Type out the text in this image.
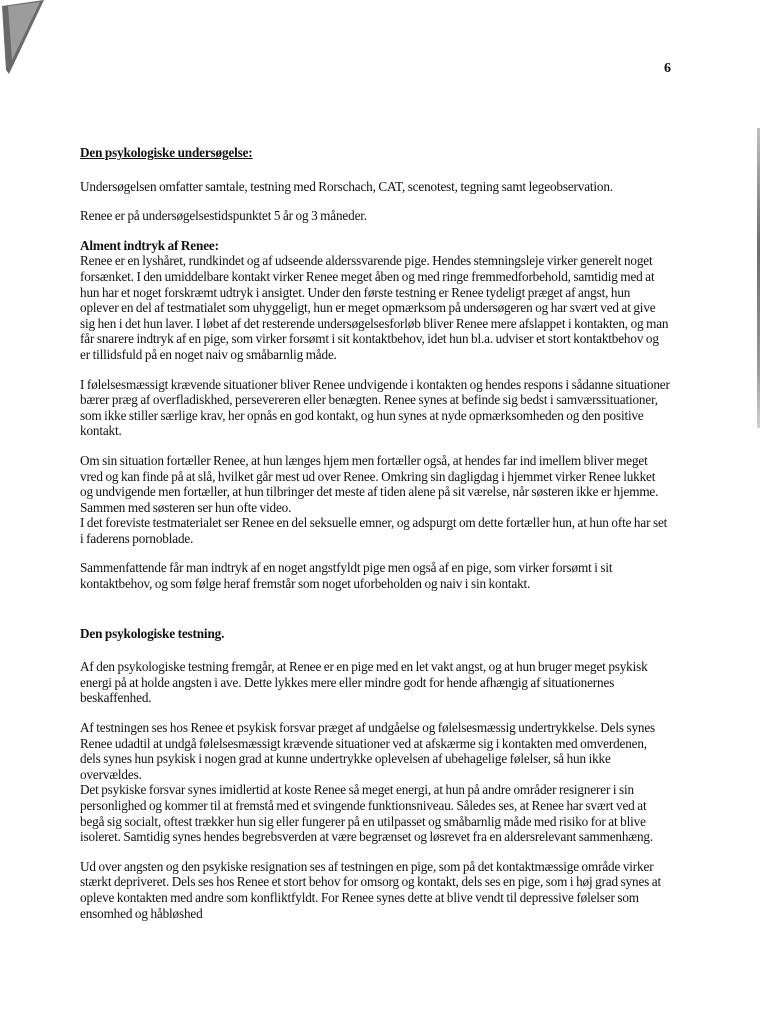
6
Den psykologiske undersøgelse:

Undersøgelsen omfatter samtale, testning med Rorschach, CAT, scenotest, tegning samt legeobservation.

Renee er på undersøgelsestidspunktet 5 år og 3 måneder.

Alment indtryk af Renee:

Renee er en lyshåret, rundkindet og af udseende alderssvarende pige. Hendes stemningsleje virker generelt noget forsænket. I den umiddelbare kontakt virker Renee meget åben og med ringe fremmedforbehold, samtidig med at hun har et noget forskræmt udtryk i ansigtet. Under den første testning er Renee tydeligt præget af angst, hun oplever en del af testmatialet som uhyggeligt, hun er meget opmærksom på undersøgeren og har svært ved at give sig hen i det hun laver. I løbet af det resterende undersøgelsesforløb bliver Renee mere afslappet i kontakten, og man får snarere indtryk af en pige, som virker forsømt i sit kontaktbehov, idet hun bl.a. udviser et stort kontaktbehov og er tillidsfuld på en noget naiv og småbarnlig måde.

I følelsesmæssigt krævende situationer bliver Renee undvigende i kontakten og hendes respons i sådanne situationer bærer præg af overfladiskhed, persevereren eller benægten. Renee synes at befinde sig bedst i samværssituationer, som ikke stiller særlige krav, her opnås en god kontakt, og hun synes at nyde opmærksomheden og den positive kontakt.

Om sin situation fortæller Renee, at hun længes hjem men fortæller også, at hendes far ind imellem bliver meget vred og kan finde på at slå, hvilket går mest ud over Renee. Omkring sin dagligdag i hjemmet virker Renee lukket og undvigende men fortæller, at hun tilbringer det meste af tiden alene på sit værelse, når søsteren ikke er hjemme. Sammen med søsteren ser hun ofte video.

I det foreviste testmaterialet ser Renee en del seksuelle emner, og adspurgt om dette fortæller hun, at hun ofte har set i faderens pornoblade.

Sammenfattende får man indtryk af en noget angstfyldt pige men også af en pige, som virker forsømt i sit kontaktbehov, og som følge heraf fremstår som noget uforbeholden og naiv i sin kontakt.

Den psykologiske testning.

Af den psykologiske testning fremgår, at Renee er en pige med en let vakt angst, og at hun bruger meget psykisk energi på at holde angsten i ave. Dette lykkes mere eller mindre godt for hende afhængig af situationernes beskaffenhed.

Af testningen ses hos Renee et psykisk forsvar præget af undgåelse og følelsesmæssig undertrykkelse. Dels synes Renee udadtil at undgå følelsesmæssigt krævende situationer ved at afskærme sig i kontakten med omverdenen, dels synes hun psykisk i nogen grad at kunne undertrykke oplevelsen af ubehagelige følelser, så hun ikke overvældes.

Det psykiske forsvar synes imidlertid at koste Renee så meget energi, at hun på andre områder resignerer i sin personlighed og kommer til at fremstå med et svingende funktionsniveau. Således ses, at Renee har svært ved at begå sig socialt, oftest trækker hun sig eller fungerer på en utilpasset og småbarnlig måde med risiko for at blive isoleret. Samtidig synes hendes begrebsverden at være begrænset og løsrevet fra en aldersrelevant sammenhæng.

Ud over angsten og den psykiske resignation ses af testningen en pige, som på det kontaktmæssige område virker stærkt depriveret. Dels ses hos Renee et stort behov for omsorg og kontakt, dels ses en pige, som i høj grad synes at opleve kontakten med andre som konfliktfyldt. For Renee synes dette at blive vendt til depressive følelser som ensomhed og håbløshed
